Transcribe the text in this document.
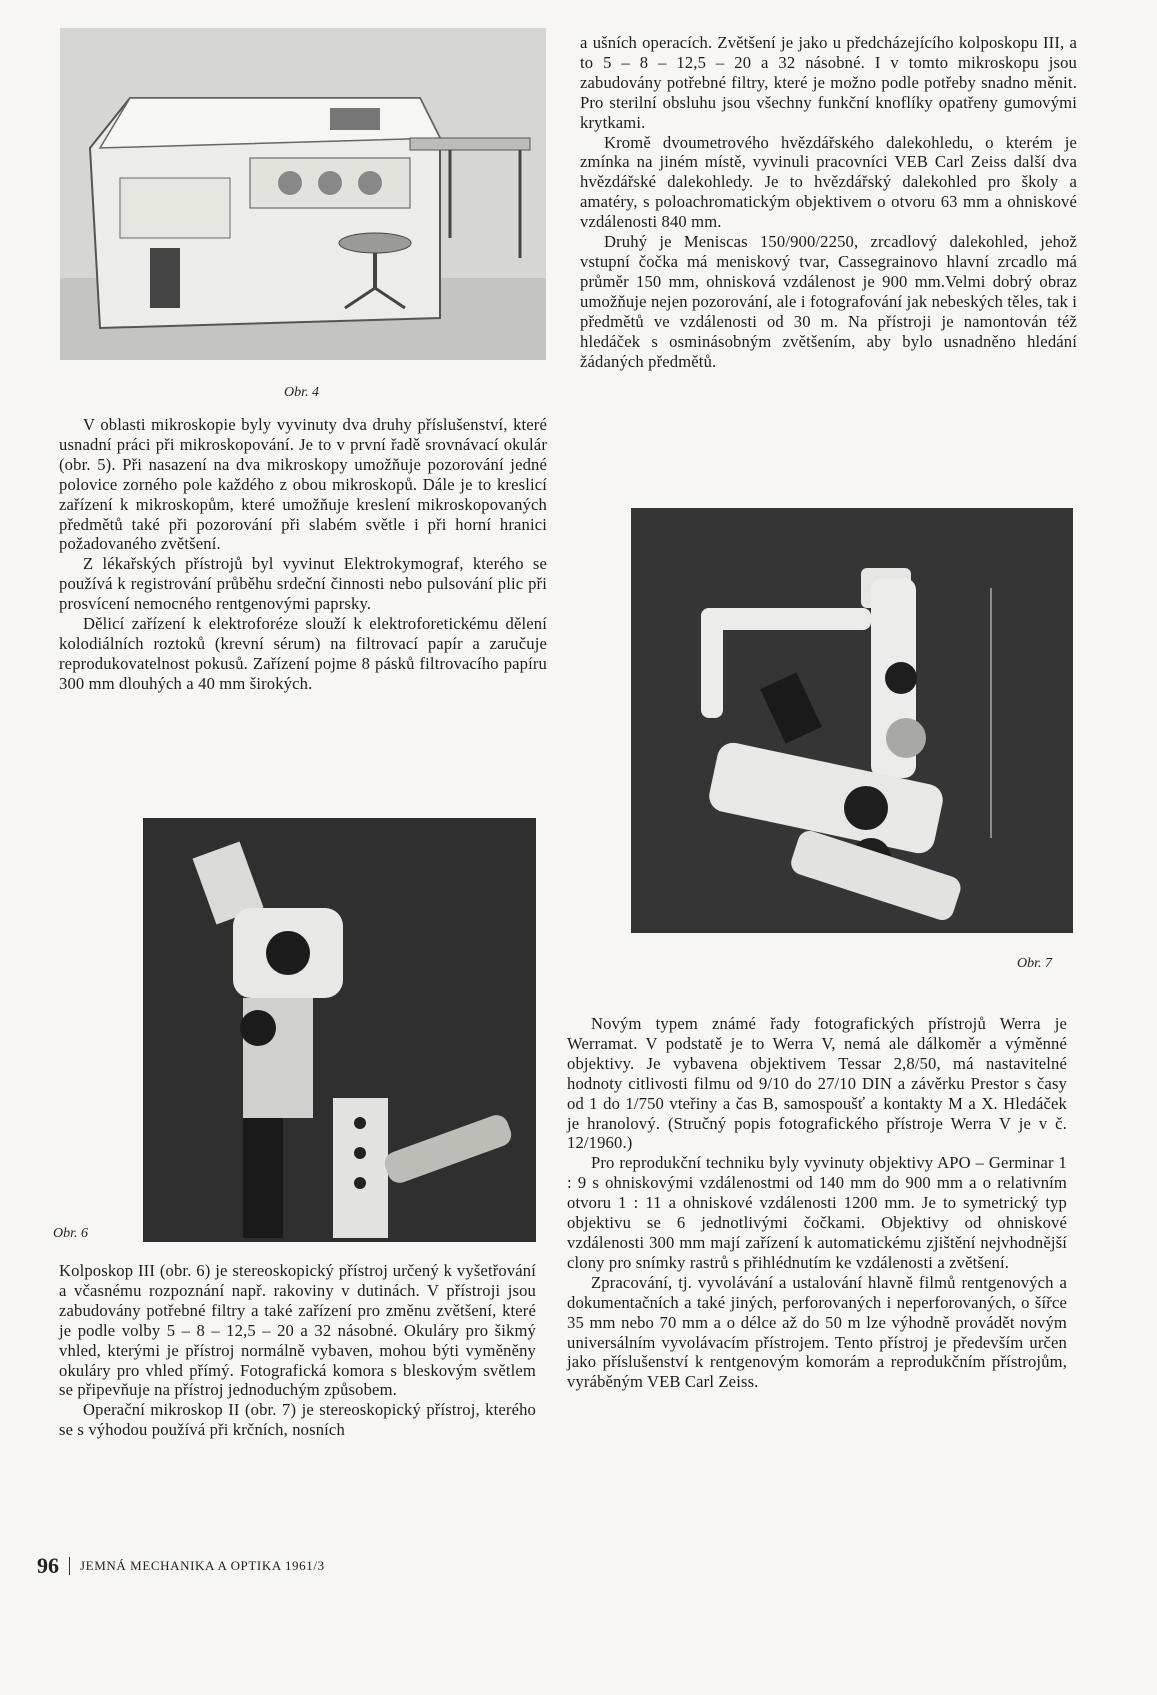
Obr. 4

V oblasti mikroskopie byly vyvinuty dva druhy příslušenství, které usnadní práci při mikroskopování. Je to v první řadě srovnávací okulár (obr. 5). Při nasazení na dva mikroskopy umožňuje pozorování jedné polovice zorného pole každého z obou mikroskopů. Dále je to kreslicí zařízení k mikroskopům, které umožňuje kreslení mikroskopovaných předmětů také při pozorování při slabém světle i při horní hranici požadovaného zvětšení.

Z lékařských přístrojů byl vyvinut Elektrokymograf, kterého se používá k registrování průběhu srdeční činnosti nebo pulsování plic při prosvícení nemocného rentgenovými paprsky.

Dělicí zařízení k elektroforéze slouží k elektroforetickému dělení kolodiálních roztoků (krevní sérum) na filtrovací papír a zaručuje reprodukovatelnost pokusů. Zařízení pojme 8 pásků filtrovacího papíru 300 mm dlouhých a 40 mm širokých.

Obr. 6

Kolposkop III (obr. 6) je stereoskopický přístroj určený k vyšetřování a včasnému rozpoznání např. rakoviny v dutinách. V přístroji jsou zabudovány potřebné filtry a také zařízení pro změnu zvětšení, které je podle volby 5 – 8 – 12,5 – 20 a 32 násobné. Okuláry pro šikmý vhled, kterými je přístroj normálně vybaven, mohou býti vyměněny okuláry pro vhled přímý. Fotografická komora s bleskovým světlem se připevňuje na přístroj jednoduchým způsobem.

Operační mikroskop II (obr. 7) je stereoskopický přístroj, kterého se s výhodou používá při krčních, nosních

a ušních operacích. Zvětšení je jako u předcházejícího kolposkopu III, a to 5 – 8 – 12,5 – 20 a 32 násobné. I v tomto mikroskopu jsou zabudovány potřebné filtry, které je možno podle potřeby snadno měnit. Pro sterilní obsluhu jsou všechny funkční knoflíky opatřeny gumovými krytkami.

Kromě dvoumetrového hvězdářského dalekohledu, o kterém je zmínka na jiném místě, vyvinuli pracovníci VEB Carl Zeiss další dva hvězdářské dalekohledy. Je to hvězdářský dalekohled pro školy a amatéry, s poloachromatickým objektivem o otvoru 63 mm a ohniskové vzdálenosti 840 mm.

Druhý je Meniscas 150/900/2250, zrcadlový dalekohled, jehož vstupní čočka má meniskový tvar, Cassegrainovo hlavní zrcadlo má průměr 150 mm, ohnisková vzdálenost je 900 mm.Velmi dobrý obraz umožňuje nejen pozorování, ale i fotografování jak nebeských těles, tak i předmětů ve vzdálenosti od 30 m. Na přístroji je namontován též hledáček s osminásobným zvětšením, aby bylo usnadněno hledání žádaných předmětů.

Obr. 7

Novým typem známé řady fotografických přístrojů Werra je Werramat. V podstatě je to Werra V, nemá ale dálkoměr a výměnné objektivy. Je vybavena objektivem Tessar 2,8/50, má nastavitelné hodnoty citlivosti filmu od 9/10 do 27/10 DIN a závěrku Prestor s časy od 1 do 1/750 vteřiny a čas B, samospoušť a kontakty M a X. Hledáček je hranolový. (Stručný popis fotografického přístroje Werra V je v č. 12/1960.)

Pro reprodukční techniku byly vyvinuty objektivy APO – Germinar 1 : 9 s ohniskovými vzdálenostmi od 140 mm do 900 mm a o relativním otvoru 1 : 11 a ohniskové vzdálenosti 1200 mm. Je to symetrický typ objektivu se 6 jednotlivými čočkami. Objektivy od ohniskové vzdálenosti 300 mm mají zařízení k automatickému zjištění nejvhodnější clony pro snímky rastrů s přihlédnutím ke vzdálenosti a zvětšení.

Zpracování, tj. vyvolávání a ustalování hlavně filmů rentgenových a dokumentačních a také jiných, perforovaných i neperforovaných, o šířce 35 mm nebo 70 mm a o délce až do 50 m lze výhodně provádět novým universálním vyvolávacím přístrojem. Tento přístroj je především určen jako příslušenství k rentgenovým komorám a reprodukčním přístrojům, vyráběným VEB Carl Zeiss.

96 JEMNÁ MECHANIKA A OPTIKA 1961/3
